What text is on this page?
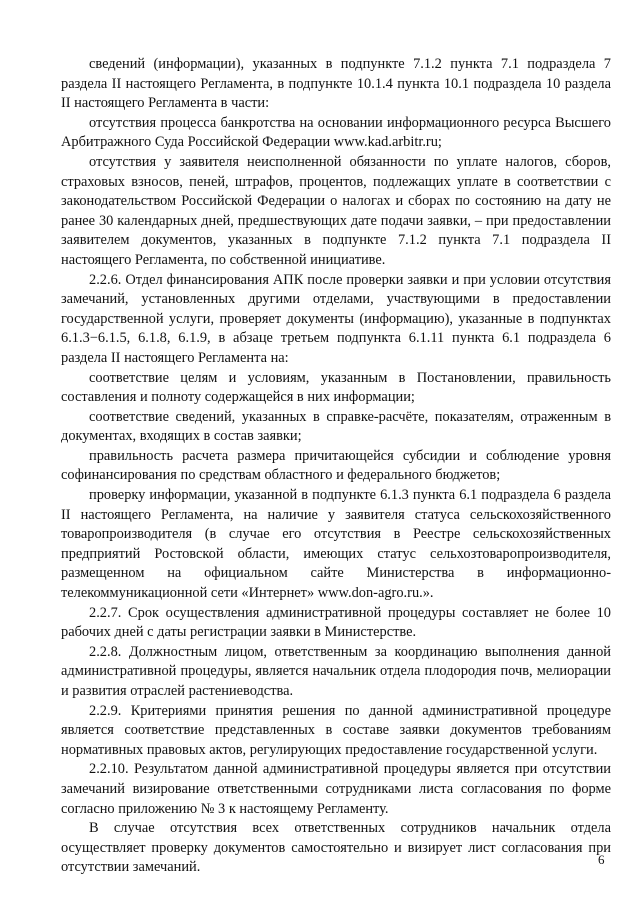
сведений (информации), указанных в подпункте 7.1.2 пункта 7.1 подраздела 7 раздела II настоящего Регламента, в подпункте 10.1.4 пункта 10.1 подраздела 10 раздела II настоящего Регламента в части:

отсутствия процесса банкротства на основании информационного ресурса Высшего Арбитражного Суда Российской Федерации www.kad.arbitr.ru;

отсутствия у заявителя неисполненной обязанности по уплате налогов, сборов, страховых взносов, пеней, штрафов, процентов, подлежащих уплате в соответствии с законодательством Российской Федерации о налогах и сборах по состоянию на дату не ранее 30 календарных дней, предшествующих дате подачи заявки, – при предоставлении заявителем документов, указанных в подпункте 7.1.2 пункта 7.1 подраздела II настоящего Регламента, по собственной инициативе.

2.2.6. Отдел финансирования АПК после проверки заявки и при условии отсутствия замечаний, установленных другими отделами, участвующими в предоставлении государственной услуги, проверяет документы (информацию), указанные в подпунктах 6.1.3−6.1.5, 6.1.8, 6.1.9, в абзаце третьем подпункта 6.1.11 пункта 6.1 подраздела 6 раздела II настоящего Регламента на:

соответствие целям и условиям, указанным в Постановлении, правильность составления и полноту содержащейся в них информации;

соответствие сведений, указанных в справке-расчёте, показателям, отраженным в документах, входящих в состав заявки;

правильность расчета размера причитающейся субсидии и соблюдение уровня софинансирования по средствам областного и федерального бюджетов;

проверку информации, указанной в подпункте 6.1.3 пункта 6.1 подраздела 6 раздела II настоящего Регламента, на наличие у заявителя статуса сельскохозяйственного товаропроизводителя (в случае его отсутствия в Реестре сельскохозяйственных предприятий Ростовской области, имеющих статус сельхозтоваропроизводителя, размещенном на официальном сайте Министерства в информационно-телекоммуникационной сети «Интернет» www.don-agro.ru.».

2.2.7. Срок осуществления административной процедуры составляет не более 10 рабочих дней с даты регистрации заявки в Министерстве.

2.2.8. Должностным лицом, ответственным за координацию выполнения данной административной процедуры, является начальник отдела плодородия почв, мелиорации и развития отраслей растениеводства.

2.2.9. Критериями принятия решения по данной административной процедуре является соответствие представленных в составе заявки документов требованиям нормативных правовых актов, регулирующих предоставление государственной услуги.

2.2.10. Результатом данной административной процедуры является при отсутствии замечаний визирование ответственными сотрудниками листа согласования по форме согласно приложению № 3 к настоящему Регламенту.

В случае отсутствия всех ответственных сотрудников начальник отдела осуществляет проверку документов самостоятельно и визирует лист согласования при отсутствии замечаний.	6
